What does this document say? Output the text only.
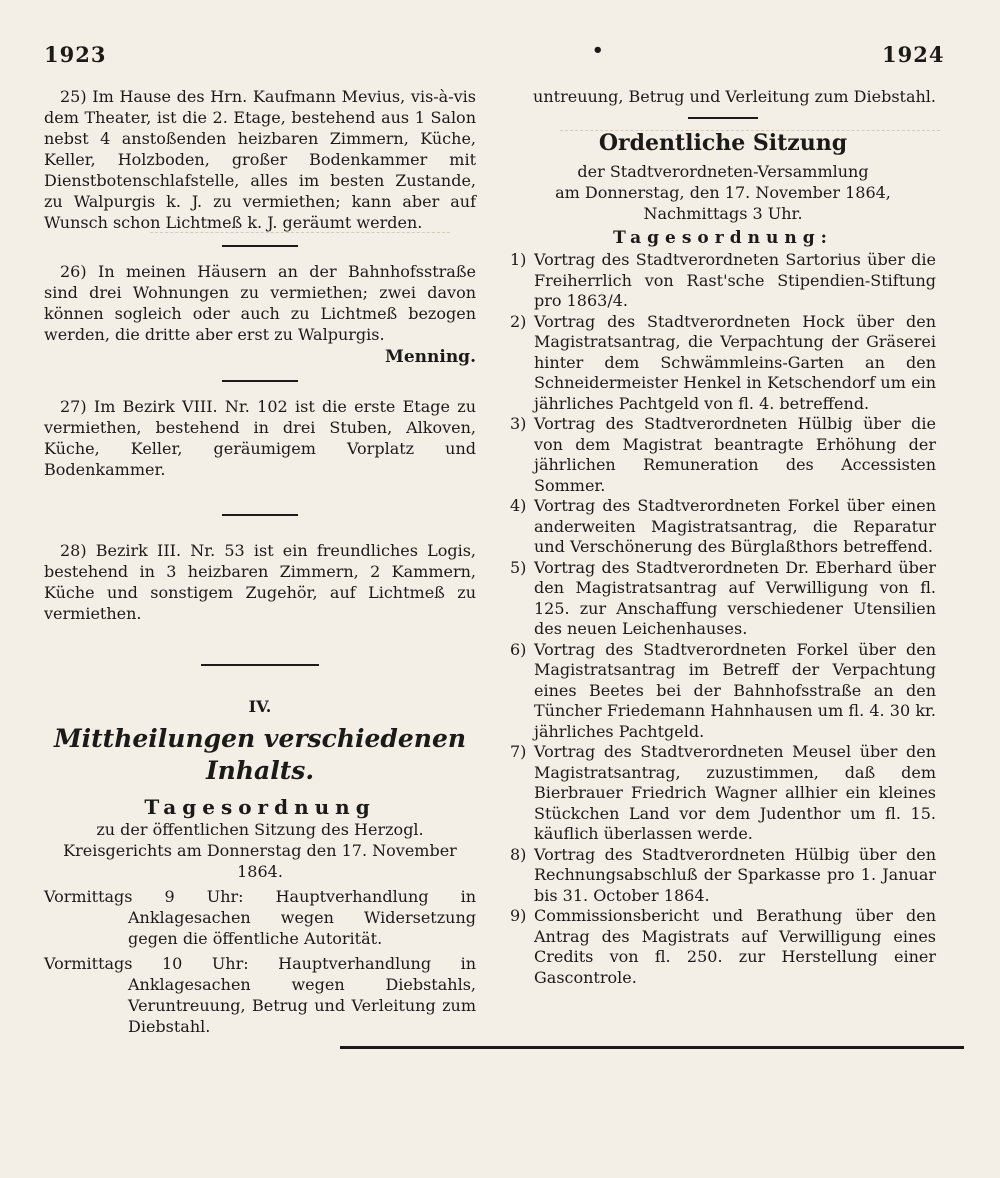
1923	•	1924

25) Im Hause des Hrn. Kaufmann Mevius, vis-à-vis dem Theater, ist die 2. Etage, bestehend aus 1 Salon nebst 4 anstoßenden heizbaren Zimmern, Küche, Keller, Holzboden, großer Bodenkammer mit Dienstbotenschlafstelle, alles im besten Zustande, zu Walpurgis k. J. zu vermiethen; kann aber auf Wunsch schon Lichtmeß k. J. geräumt werden.

26) In meinen Häusern an der Bahnhofsstraße sind drei Wohnungen zu vermiethen; zwei davon können sogleich oder auch zu Lichtmeß bezogen werden, die dritte aber erst zu Walpurgis.

Menning.

27) Im Bezirk VIII. Nr. 102 ist die erste Etage zu vermiethen, bestehend in drei Stuben, Alkoven, Küche, Keller, geräumigem Vorplatz und Bodenkammer.

28) Bezirk III. Nr. 53 ist ein freundliches Logis, bestehend in 3 heizbaren Zimmern, 2 Kammern, Küche und sonstigem Zugehör, auf Lichtmeß zu vermiethen.

IV.

Mittheilungen verschiedenen Inhalts.

Tagesordnung

zu der öffentlichen Sitzung des Herzogl. Kreisgerichts am Donnerstag den 17. November 1864.

Vormittags 9 Uhr: Hauptverhandlung in Anklagesachen wegen Widersetzung gegen die öffentliche Autorität.

Vormittags 10 Uhr: Hauptverhandlung in Anklagesachen wegen Diebstahls, Veruntreuung, Betrug und Verleitung zum Diebstahl.

untreuung, Betrug und Verleitung zum Diebstahl.

Ordentliche Sitzung

der Stadtverordneten-Versammlung

am Donnerstag, den 17. November 1864, Nachmittags 3 Uhr.

Tagesordnung:

1) Vortrag des Stadtverordneten Sartorius über die Freiherrlich von Rast'sche Stipendien-Stiftung pro 1863/4.
2) Vortrag des Stadtverordneten Hock über den Magistratsantrag, die Verpachtung der Gräserei hinter dem Schwämmleins-Garten an den Schneidermeister Henkel in Ketschendorf um ein jährliches Pachtgeld von fl. 4. betreffend.
3) Vortrag des Stadtverordneten Hülbig über die von dem Magistrat beantragte Erhöhung der jährlichen Remuneration des Accessisten Sommer.
4) Vortrag des Stadtverordneten Forkel über einen anderweiten Magistratsantrag, die Reparatur und Verschönerung des Bürglaßthors betreffend.
5) Vortrag des Stadtverordneten Dr. Eberhard über den Magistratsantrag auf Verwilligung von fl. 125. zur Anschaffung verschiedener Utensilien des neuen Leichenhauses.
6) Vortrag des Stadtverordneten Forkel über den Magistratsantrag im Betreff der Verpachtung eines Beetes bei der Bahnhofsstraße an den Tüncher Friedemann Hahnhausen um fl. 4. 30 kr. jährliches Pachtgeld.
7) Vortrag des Stadtverordneten Meusel über den Magistratsantrag, zuzustimmen, daß dem Bierbrauer Friedrich Wagner allhier ein kleines Stückchen Land vor dem Judenthor um fl. 15. käuflich überlassen werde.
8) Vortrag des Stadtverordneten Hülbig über den Rechnungsabschluß der Sparkasse pro 1. Januar bis 31. October 1864.
9) Commissionsbericht und Berathung über den Antrag des Magistrats auf Verwilligung eines Credits von fl. 250. zur Herstellung einer Gascontrole.
